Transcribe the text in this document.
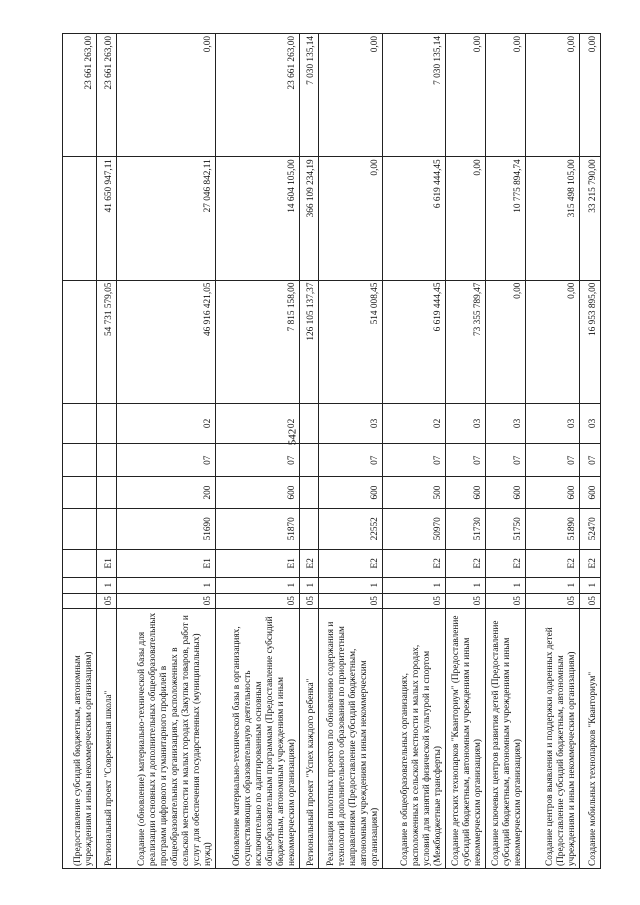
542
(Предоставление субсидий бюджетным, автономным учреждениям и иным некоммерческим организациям)										23 661 263,00
Региональный проект "Современная школа"	05	1	E1					54 731 579,05	41 650 947,11	23 661 263,00
Создание (обновление) материально-технической базы для реализации основных и дополнительных общеобразовательных программ цифрового и гуманитарного профилей в общеобразовательных организациях, расположенных в сельской местности и малых городах (Закупка товаров, работ и услуг для обеспечения государственных (муниципальных) нужд)	05	1	E1	51690	200	07	02	46 916 421,05	27 046 842,11	0,00
Обновление материально-технической базы в организациях, осуществляющих образовательную деятельность исключительно по адаптированным основным общеобразовательным программам (Предоставление субсидий бюджетным, автономным учреждениям и иным некоммерческим организациям)	05	1	E1	51870	600	07	02	7 815 158,00	14 604 105,00	23 661 263,00
Региональный проект "Успех каждого ребенка"	05	1	E2					126 105 137,37	366 109 234,19	7 030 135,14
Реализация пилотных проектов по обновлению содержания и технологий дополнительного образования по приоритетным направлениям (Предоставление субсидий бюджетным, автономным учреждениям и иным некоммерческим организациям)	05	1	E2	22552	600	07	03	514 008,45	0,00	0,00
Создание в общеобразовательных организациях, расположенных в сельской местности и малых городах, условий для занятий физической культурой и спортом (Межбюджетные трансферты)	05	1	E2	50970	500	07	02	6 619 444,45	6 619 444,45	7 030 135,14
Создание детских технопарков "Кванториум" (Предоставление субсидий бюджетным, автономным учреждениям и иным некоммерческим организациям)	05	1	E2	51730	600	07	03	73 355 789,47	0,00	0,00
Создание ключевых центров развития детей (Предоставление субсидий бюджетным, автономным учреждениям и иным некоммерческим организациям)	05	1	E2	51750	600	07	03	0,00	10 775 894,74	0,00
Создание центров выявления и поддержки одаренных детей (Предоставление субсидий бюджетным, автономным учреждениям и иным некоммерческим организациям)	05	1	E2	51890	600	07	03	0,00	315 498 105,00	0,00
Создание мобильных технопарков "Кванториум"	05	1	E2	52470	600	07	03	16 953 895,00	33 215 790,00	0,00
